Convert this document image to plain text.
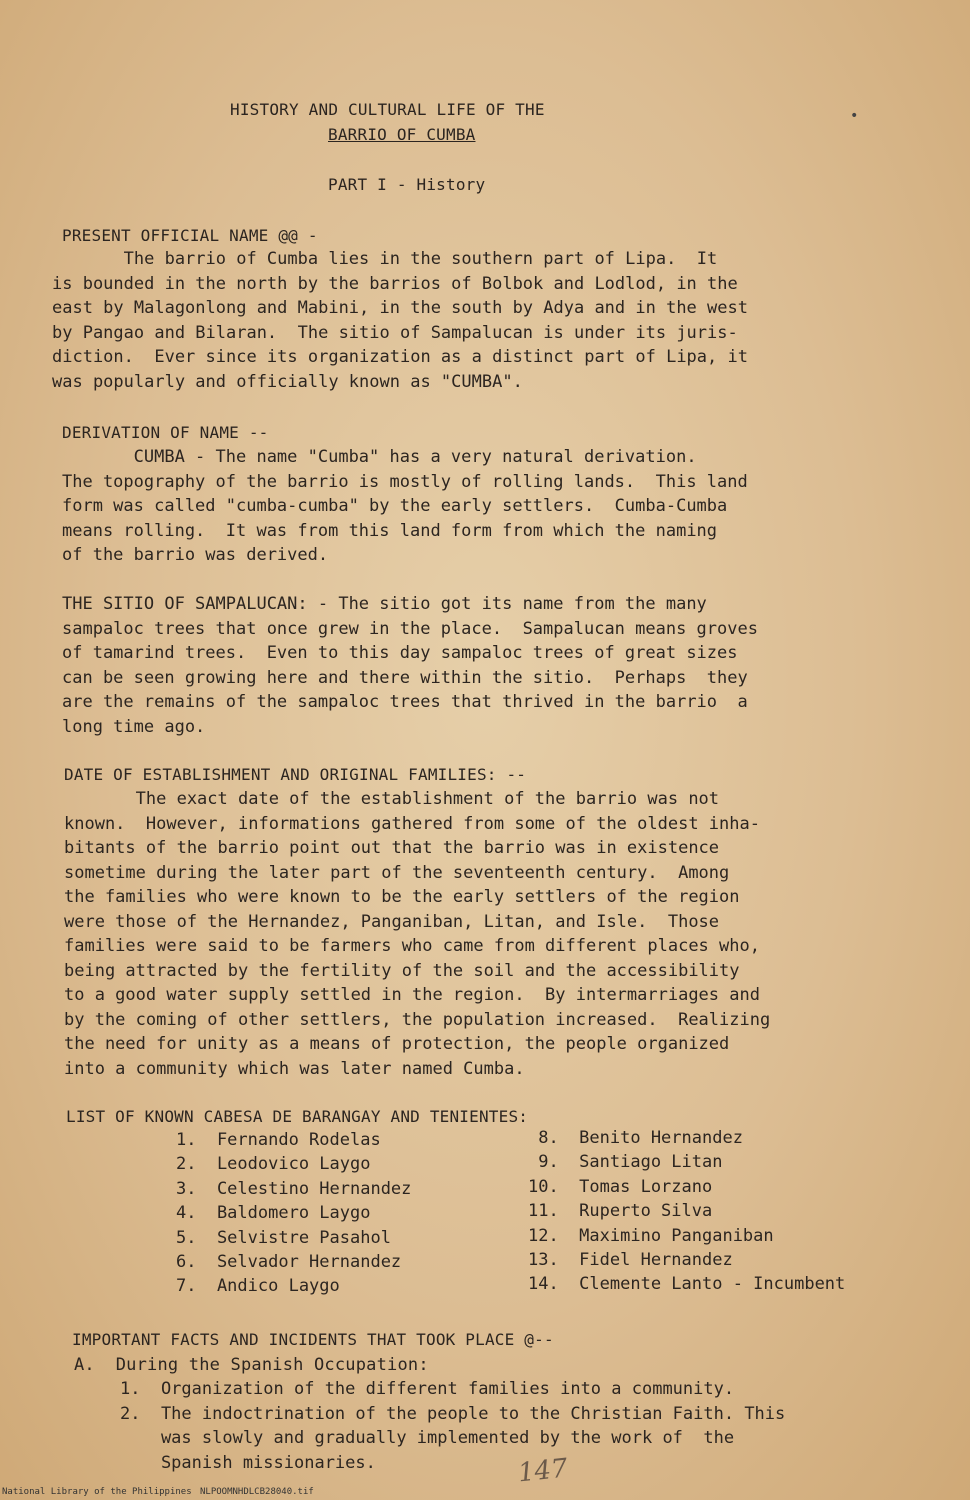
HISTORY AND CULTURAL LIFE OF THE
BARRIO OF CUMBA
•
PART I - History
PRESENT OFFICIAL NAME @@ -
The barrio of Cumba lies in the southern part of Lipa.  It
is bounded in the north by the barrios of Bolbok and Lodlod, in the
east by Malagonlong and Mabini, in the south by Adya and in the west
by Pangao and Bilaran.  The sitio of Sampalucan is under its juris-
diction.  Ever since its organization as a distinct part of Lipa, it
was popularly and officially known as "CUMBA".
DERIVATION OF NAME --
CUMBA - The name "Cumba" has a very natural derivation.
The topography of the barrio is mostly of rolling lands.  This land
form was called "cumba-cumba" by the early settlers.  Cumba-Cumba
means rolling.  It was from this land form from which the naming
of the barrio was derived.
THE SITIO OF SAMPALUCAN: - The sitio got its name from the many
sampaloc trees that once grew in the place.  Sampalucan means groves
of tamarind trees.  Even to this day sampaloc trees of great sizes
can be seen growing here and there within the sitio.  Perhaps  they
are the remains of the sampaloc trees that thrived in the barrio  a
long time ago.
DATE OF ESTABLISHMENT AND ORIGINAL FAMILIES: --
The exact date of the establishment of the barrio was not
known.  However, informations gathered from some of the oldest inha-
bitants of the barrio point out that the barrio was in existence
sometime during the later part of the seventeenth century.  Among
the families who were known to be the early settlers of the region
were those of the Hernandez, Panganiban, Litan, and Isle.  Those
families were said to be farmers who came from different places who,
being attracted by the fertility of the soil and the accessibility
to a good water supply settled in the region.  By intermarriages and
by the coming of other settlers, the population increased.  Realizing
the need for unity as a means of protection, the people organized
into a community which was later named Cumba.
LIST OF KNOWN CABESA DE BARANGAY AND TENIENTES:
1.  Fernando Rodelas
2.  Leodovico Laygo
3.  Celestino Hernandez
4.  Baldomero Laygo
5.  Selvistre Pasahol
6.  Selvador Hernandez
7.  Andico Laygo
8.  Benito Hernandez
9.  Santiago Litan
10.  Tomas Lorzano
11.  Ruperto Silva
12.  Maximino Panganiban
13.  Fidel Hernandez
14.  Clemente Lanto - Incumbent
IMPORTANT FACTS AND INCIDENTS THAT TOOK PLACE @--
A.  During the Spanish Occupation:
1.  Organization of the different families into a community.
2.  The indoctrination of the people to the Christian Faith. This
was slowly and gradually implemented by the work of  the
Spanish missionaries.	147
National Library of the Philippines NLPOOMNHDLCB28040.tif
